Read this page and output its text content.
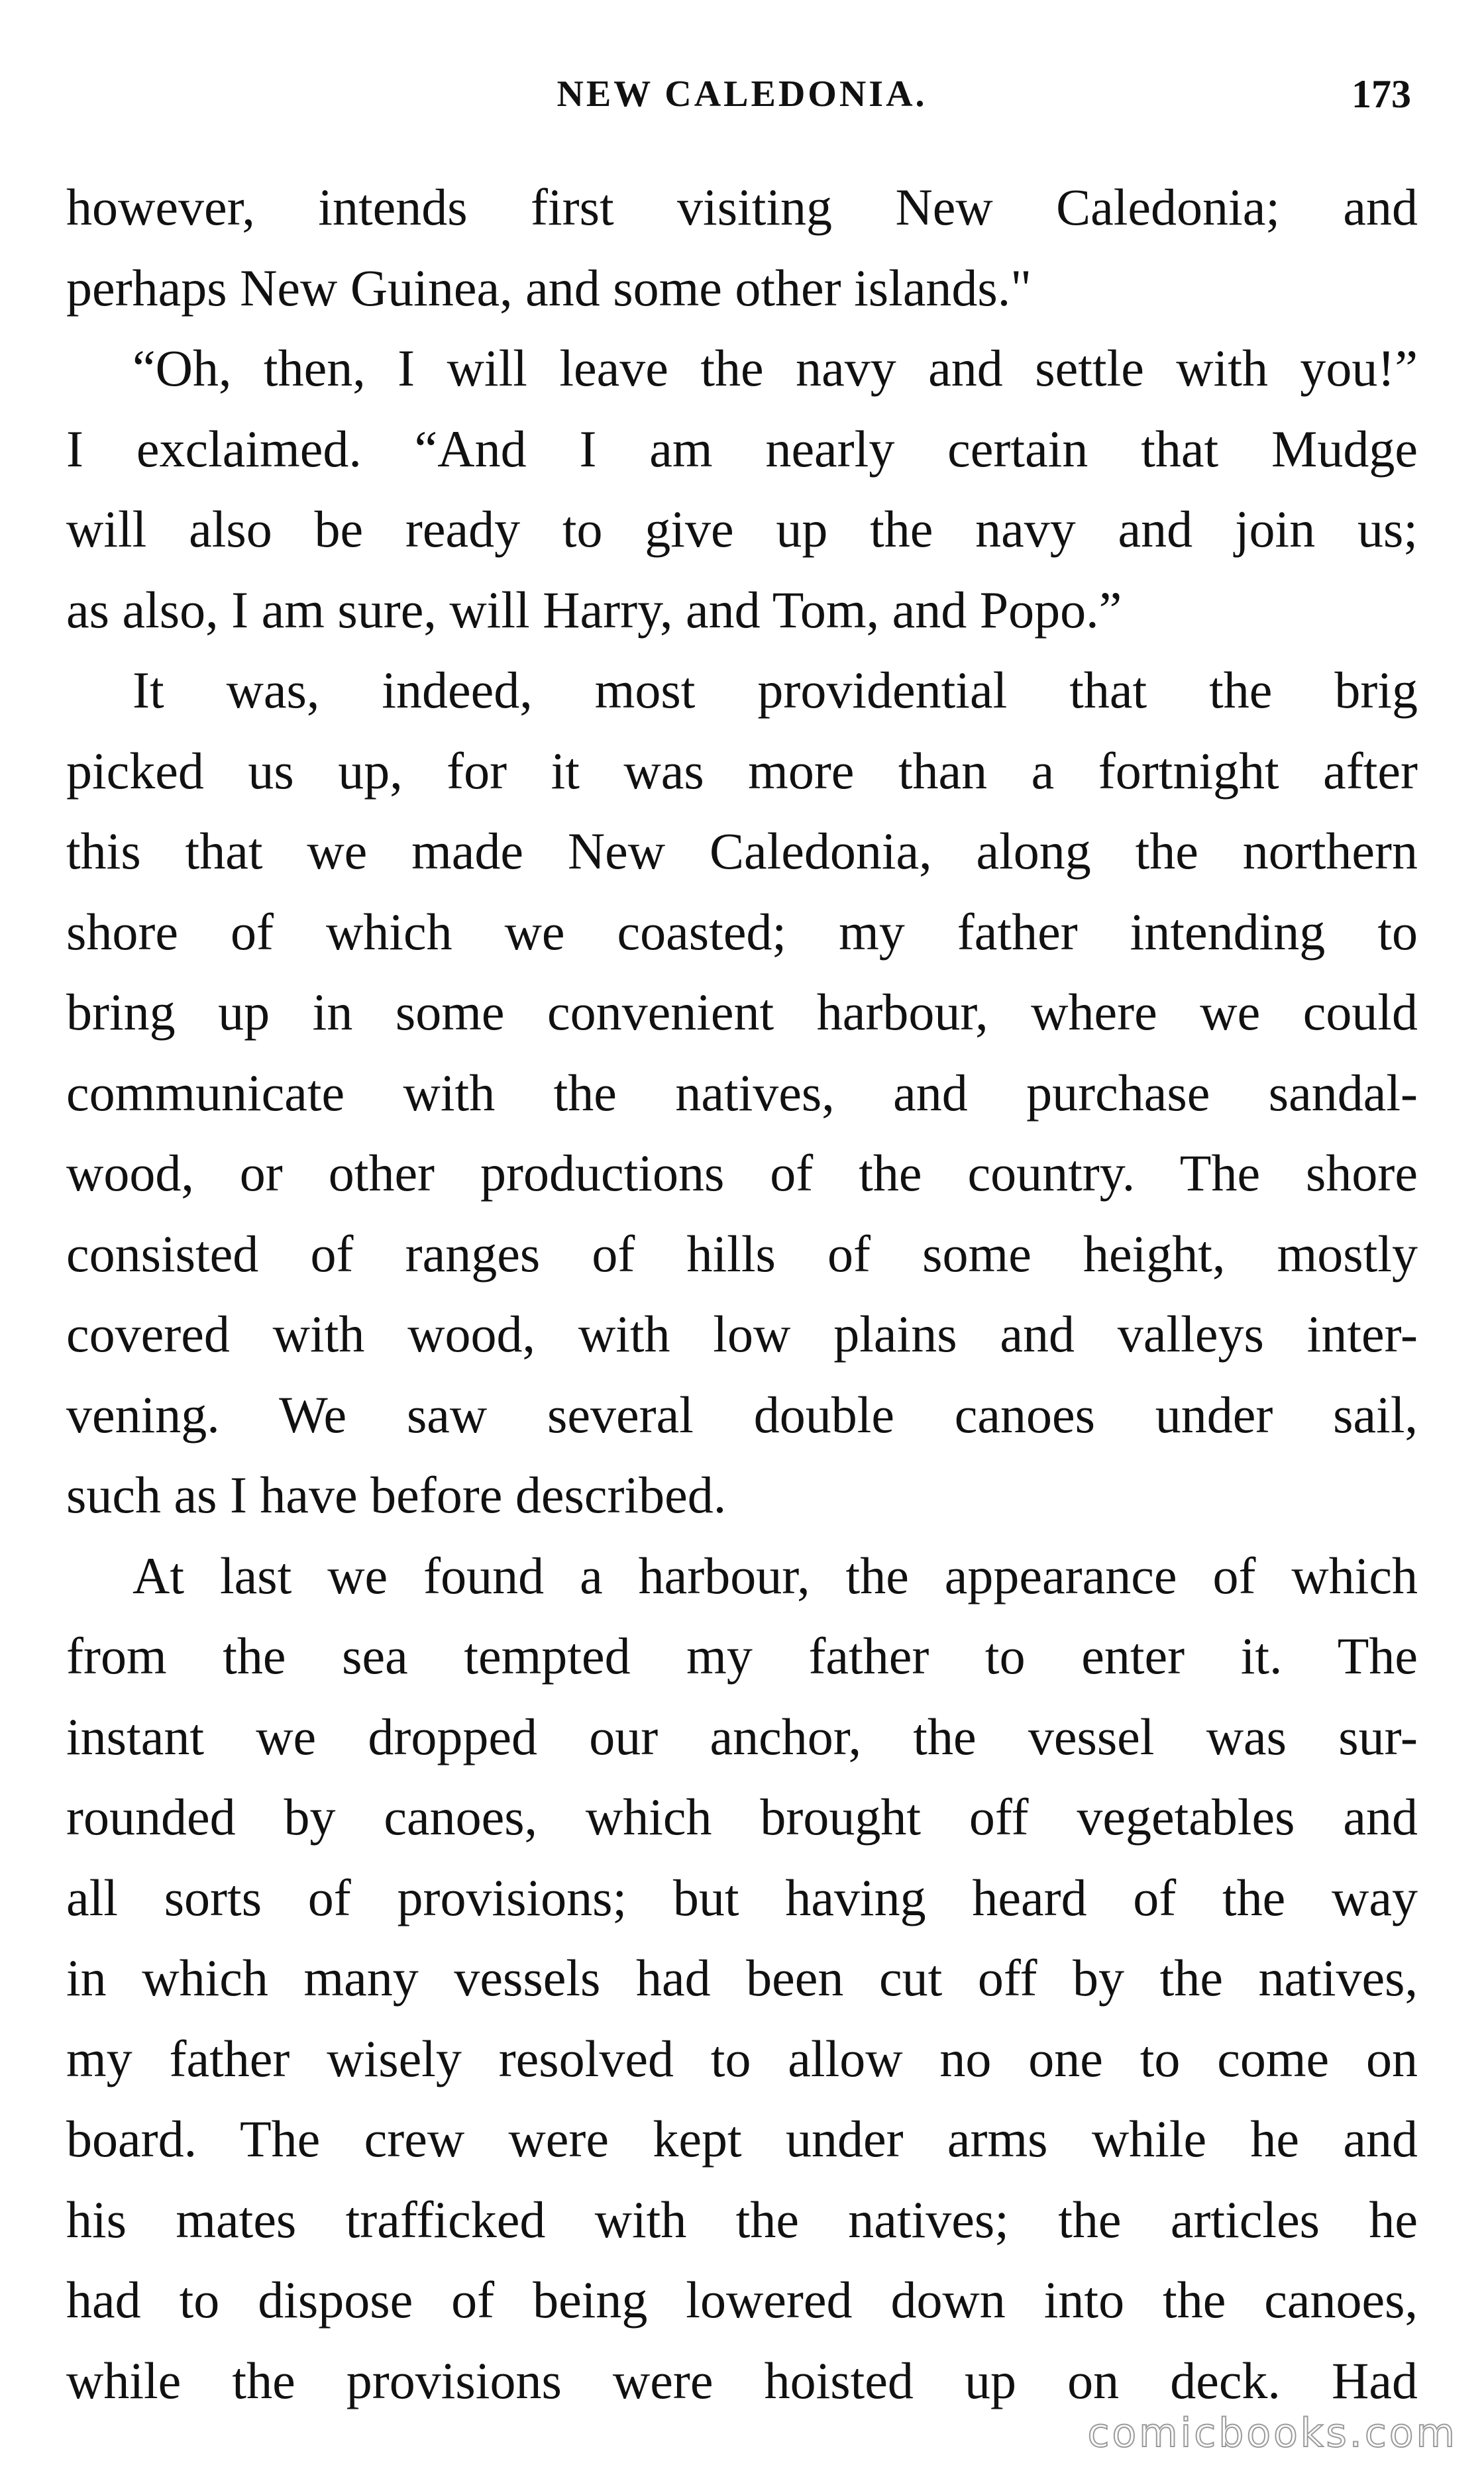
NEW CALEDONIA.	173
however, intends first visiting New Caledonia; and
perhaps New Guinea, and some other islands."
“Oh, then, I will leave the navy and settle with you!”
I exclaimed. “And I am nearly certain that Mudge
will also be ready to give up the navy and join us;
as also, I am sure, will Harry, and Tom, and Popo.”
It was, indeed, most providential that the brig
picked us up, for it was more than a fortnight after
this that we made New Caledonia, along the northern
shore of which we coasted; my father intending to
bring up in some convenient harbour, where we could
communicate with the natives, and purchase sandal-
wood, or other productions of the country. The shore
consisted of ranges of hills of some height, mostly
covered with wood, with low plains and valleys inter-
vening. We saw several double canoes under sail,
such as I have before described.
At last we found a harbour, the appearance of which
from the sea tempted my father to enter it. The
instant we dropped our anchor, the vessel was sur-
rounded by canoes, which brought off vegetables and
all sorts of provisions; but having heard of the way
in which many vessels had been cut off by the natives,
my father wisely resolved to allow no one to come on
board. The crew were kept under arms while he and
his mates trafficked with the natives; the articles he
had to dispose of being lowered down into the canoes,
while the provisions were hoisted up on deck. Had
comicbooks.com
